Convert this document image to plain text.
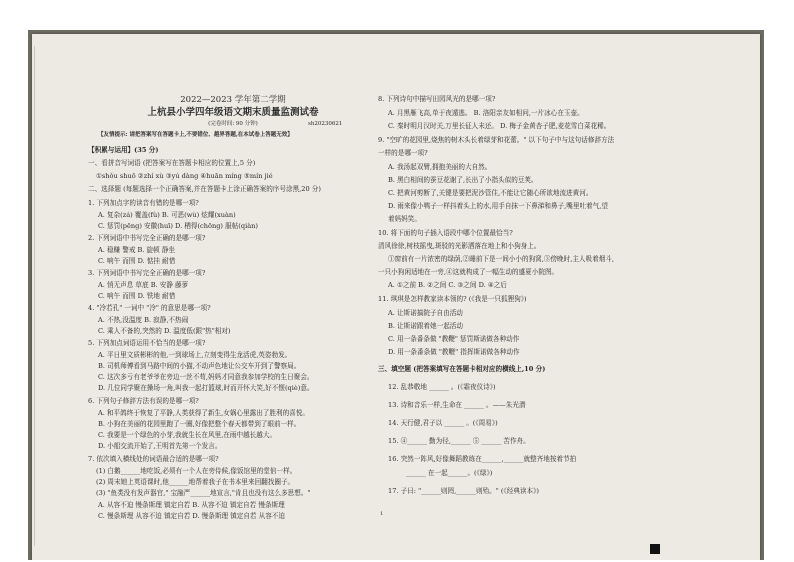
2022—2023 学年第二学期
上杭县小学四年级语文期末质量监测试卷
(完卷时间: 90 分钟)	sh20230621
【友情提示: 请把答案写在答题卡上,不要错位、越界答题,在本试卷上答题无效】
【积累与运用】(35 分)
一、看拼音写词语 (把答案写在答题卡相应的位置上,5 分)
①shǒu shuō ②zhí xù ③yú dàng ④huān míng ⑤mín jié
二、选择题 (每题选择一个正确答案,并在答题卡上涂正确答案的序号涂黑,20 分)
1. 下列加点字的读音有错的是哪一项?
A. 复杂(zá) 覆盖(fù) B. 可恶(wù) 炫耀(xuàn)
C. 惩罚(pēng) 安徽(huī) D. 栖得(chōng) 服帖(qiàn)
2. 下列词语中书写完全正确的是哪一项?
A. 稳赚 警戒 B. 旋顿 静坐
C. 响午 而围 D. 惦挂 耐惜
3. 下列词语中书写完全正确的是哪一项?
A. 悄无声息 草底 B. 安静 藤萝
C. 响午 而围 D. 铁地 耐惜
4. "冷若孔" 一词中 "冷" 的意思是哪一项?
A. 不热,没温度 B. 寂静,不热闹
C. 乘人不备的,突然的 D. 温度低(跟"热"相对)
5. 下列加点词语运用不恰当的是哪一项?
A. 平日里文质彬彬的他,一到球场上,立刻变得生龙活虎,英姿勃发。
B. 司机师傅看到马路中间的小猫,不动声色地让公交车开到了警察局。
C. 这次多亏有老爷爷在旁边一丝不苟,妈妈才同意我参加学校的生日聚会。
D. 几位同学聚在操场一角,叫我一起打篮球,时而开怀大笑,好不惬(qiè)意。
6. 下列句子修辞方法有误的是哪一项?
A. 和平鸽终于恢复了平静,人类获得了新生,女娲心里露出了胜利的喜悦。
B. 小狗在美丽的花园里跑了一圈,好像把整个春天都带到了眼前一样。
C. 我要是一个绿色的小芽,我就生长在风里,在雨中越长越大。
D. 小船交流开始了,王明首先第一个发言。
7. 依次填入横线处的词语最合适的是哪一项?
(1) 白鹅______地吃饭,必须有一个人在旁侍候,像饭馆里的堂倌一样。
(2) 周末她上英语课时,他______地帮着我子在书本里来回翻找圈子。
(3) "鱼类没有发声器官," 宝融严______地宣言,"肯且也没有这么多思想。"
A. 从容不迫 慢条斯理 镇定自若 B. 从容不迫 镇定自若 慢条斯理
C. 慢条斯理 从容不迫 镇定自若 D. 慢条斯理 镇定自若 从容不迫
8. 下列诗句中描写田园风光的是哪一项?
A. 月黑雁飞高,单于夜遁逃。 B. 洛阳亲友如相问,一片冰心在玉壶。
C. 秦时明月汉时关,万里长征人未还。 D. 梅子金黄杏子肥,麦花雪白菜花稀。
9. "空旷的花园里,烧焦的树木头长着绿芽和花蕾。" 以下句子中与这句话修辞方法
一样的是哪一项?
A. 我汤起双臂,拥抱美丽的大自然。
B. 黑白相间的蚕豆花谢了,长出了小指头似的豆荚。
C. 把黄河剪断了,关键是要把泥沙管住,不能让它随心所欲地流进黄河。
D. 雨来像小鸭子一样抖着头上的水,用手自抹一下鼻涕和鼻子,嘴里吐着气,望
着妈妈笑。
10. 将下面的句子插入语段中哪个位置最恰当?
清风徐徐,树枝摇曳,斑驳的光影洒落在地上和小狗身上。
①窗前有一片浓密的绿荫,②睡前下是一间小小的狗窝,③傍晚时,主人吸着烟斗,
一只小狗闲适地在一旁,④这就构成了一幅生动的盛夏小院图。
A. ①之前 B. ②之间 C. ③之间 D. ④之后
11. 琪琪是怎样教家读本领的? (《我是一只狐狸狗》)
A. 让斯诺搞院子自由活动
B. 让斯诺跟着她一起活动
C. 用一条番条做 "教鞭" 惩罚斯诺做各种动作
D. 用一条番条做 "教鞭" 指挥斯诺做各种动作
三、填空题 (把答案填写在答题卡相对应的横线上,10 分)
12. 乱恭敬地 ______ 。(《霜夜仪诗》)
13. 诗和音乐一样,生命在 ______ 。——朱光潜
14. 天行健,君子以 ______ 。(《周易》)
15. ④______ 勤为径,______ ⑤ ______ 苦作舟。
16. 突然一阵风,好像舞蹈教练在______,______就整齐地按着节拍
______ 在一起______。(《绿》)
17. 子曰: "______则罔,______则殆。" (《经典读本》)
1
